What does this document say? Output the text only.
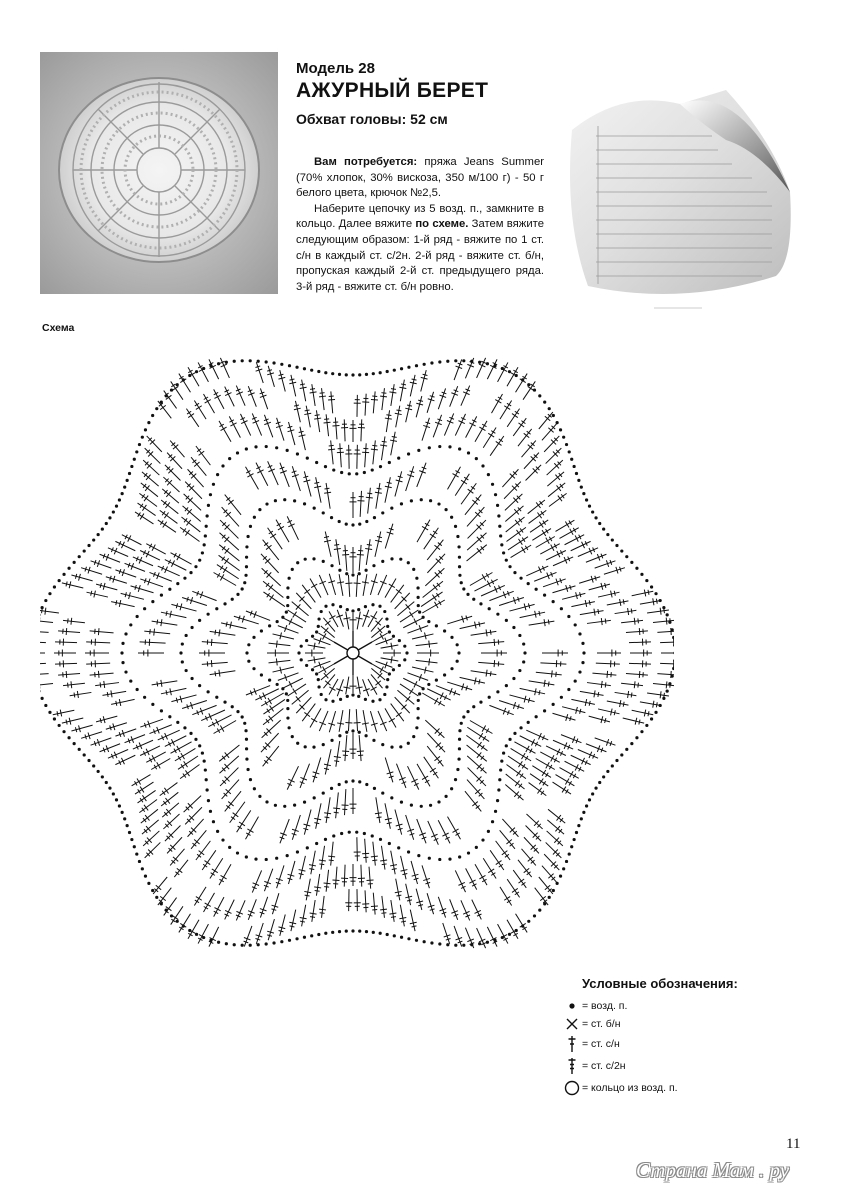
Модель 28

АЖУРНЫЙ БЕРЕТ

Обхват головы: 52 см

Вам потребуется: пряжа Jeans Summer (70% хлопок, 30% вискоза, 350 м/100 г) - 50 г белого цвета, крючок №2,5.

Наберите цепочку из 5 возд. п., замкните в кольцо. Далее вяжите по схеме. Затем вяжите следующим образом: 1-й ряд - вяжите по 1 ст. с/н в каждый ст. с/2н. 2-й ряд - вяжите ст. б/н, пропуская каждый 2-й ст. предыдущего ряда. 3-й ряд - вяжите ст. б/н ровно.

Схема
Условные обозначения:
= возд. п.
= ст. б/н
= ст. с/н
= ст. с/2н
= кольцо из возд. п.
11
Страна Мам . ру
